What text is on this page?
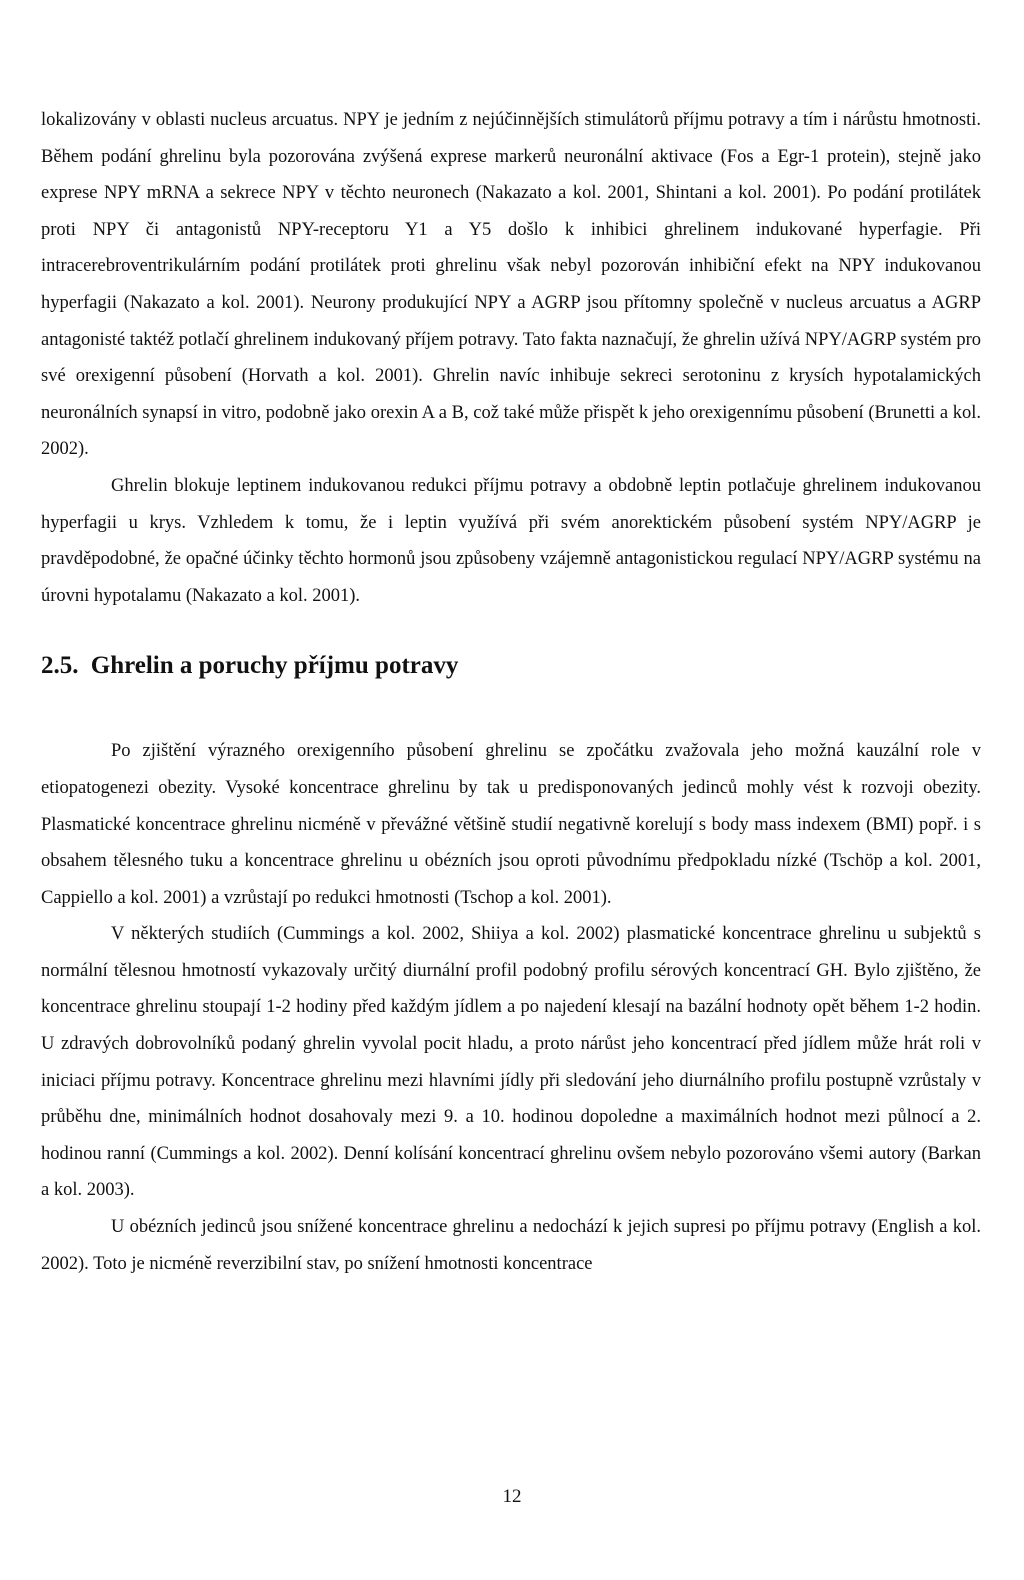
lokalizovány v oblasti nucleus arcuatus. NPY je jedním z nejúčinnějších stimulátorů příjmu potravy a tím i nárůstu hmotnosti. Během podání ghrelinu byla pozorována zvýšená exprese markerů neuronální aktivace (Fos a Egr-1 protein), stejně jako exprese NPY mRNA a sekrece NPY v těchto neuronech (Nakazato a kol. 2001, Shintani a kol. 2001). Po podání protilátek proti NPY či antagonistů NPY-receptoru Y1 a Y5 došlo k inhibici ghrelinem indukované hyperfagie. Při intracerebroventrikulárním podání protilátek proti ghrelinu však nebyl pozorován inhibiční efekt na NPY indukovanou hyperfagii (Nakazato a kol. 2001). Neurony produkující NPY a AGRP jsou přítomny společně v nucleus arcuatus a AGRP antagonisté taktéž potlačí ghrelinem indukovaný příjem potravy. Tato fakta naznačují, že ghrelin užívá NPY/AGRP systém pro své orexigenní působení (Horvath a kol. 2001). Ghrelin navíc inhibuje sekreci serotoninu z krysích hypotalamických neuronálních synapsí in vitro, podobně jako orexin A a B, což také může přispět k jeho orexigennímu působení (Brunetti a kol. 2002).

Ghrelin blokuje leptinem indukovanou redukci příjmu potravy a obdobně leptin potlačuje ghrelinem indukovanou hyperfagii u krys. Vzhledem k tomu, že i leptin využívá při svém anorektickém působení systém NPY/AGRP je pravděpodobné, že opačné účinky těchto hormonů jsou způsobeny vzájemně antagonistickou regulací NPY/AGRP systému na úrovni hypotalamu (Nakazato a kol. 2001).

2.5. Ghrelin a poruchy příjmu potravy

Po zjištění výrazného orexigenního působení ghrelinu se zpočátku zvažovala jeho možná kauzální role v etiopatogenezi obezity. Vysoké koncentrace ghrelinu by tak u predisponovaných jedinců mohly vést k rozvoji obezity. Plasmatické koncentrace ghrelinu nicméně v převážné většině studií negativně korelují s body mass indexem (BMI) popř. i s obsahem tělesného tuku a koncentrace ghrelinu u obézních jsou oproti původnímu předpokladu nízké (Tschöp a kol. 2001, Cappiello a kol. 2001) a vzrůstají po redukci hmotnosti (Tschop a kol. 2001).

V některých studiích (Cummings a kol. 2002, Shiiya a kol. 2002) plasmatické koncentrace ghrelinu u subjektů s normální tělesnou hmotností vykazovaly určitý diurnální profil podobný profilu sérových koncentrací GH. Bylo zjištěno, že koncentrace ghrelinu stoupají 1-2 hodiny před každým jídlem a po najedení klesají na bazální hodnoty opět během 1-2 hodin. U zdravých dobrovolníků podaný ghrelin vyvolal pocit hladu, a proto nárůst jeho koncentrací před jídlem může hrát roli v iniciaci příjmu potravy. Koncentrace ghrelinu mezi hlavními jídly při sledování jeho diurnálního profilu postupně vzrůstaly v průběhu dne, minimálních hodnot dosahovaly mezi 9. a 10. hodinou dopoledne a maximálních hodnot mezi půlnocí a 2. hodinou ranní (Cummings a kol. 2002). Denní kolísání koncentrací ghrelinu ovšem nebylo pozorováno všemi autory (Barkan a kol. 2003).

U obézních jedinců jsou snížené koncentrace ghrelinu a nedochází k jejich supresi po příjmu potravy (English a kol. 2002). Toto je nicméně reverzibilní stav, po snížení hmotnosti koncentrace

12
